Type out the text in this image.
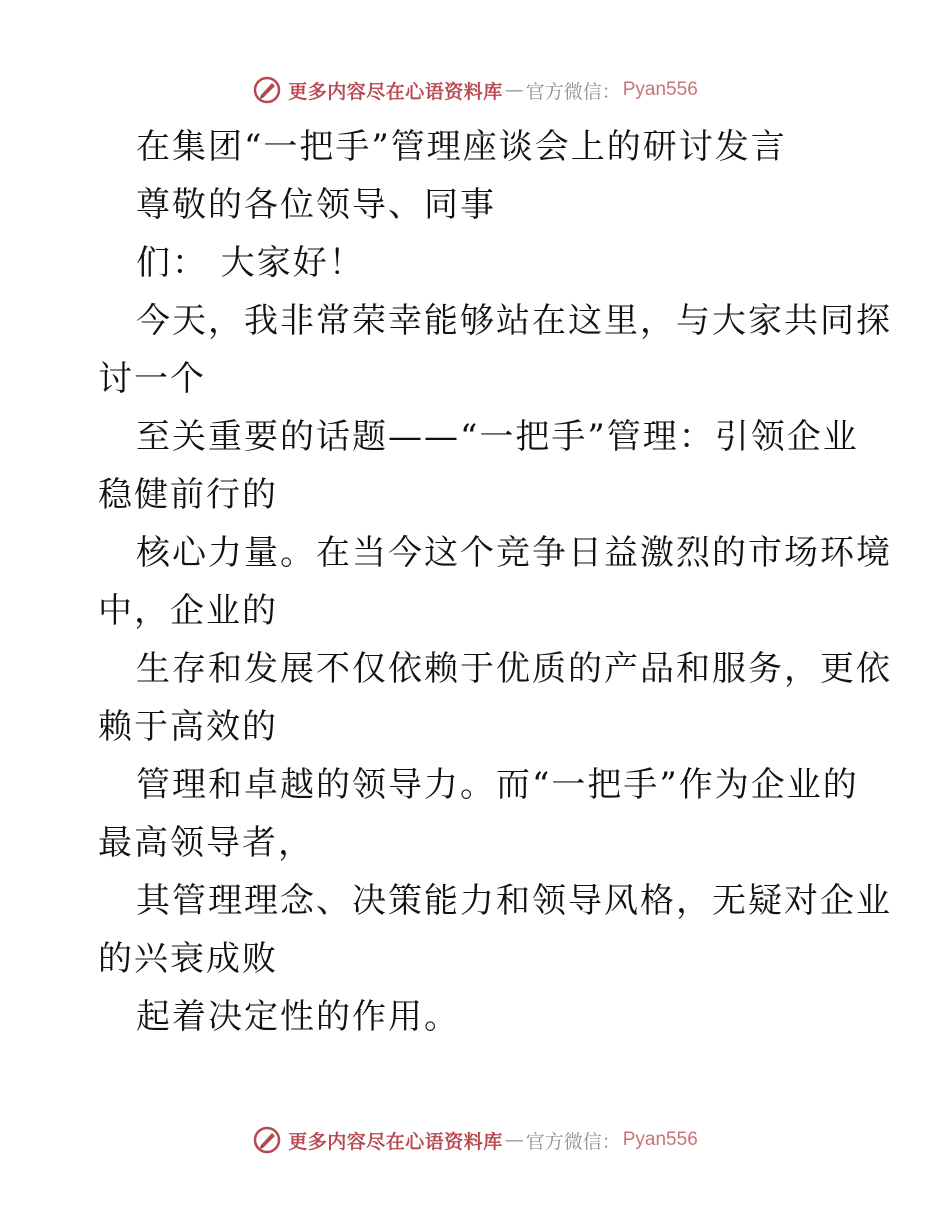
更多内容尽在心语资料库 — 官方微信： Pyan556
在集团“一把手”管理座谈会上的研讨发言
尊敬的各位领导、同事
们： 大家好！
今天，我非常荣幸能够站在这里，与大家共同探
讨一个
至关重要的话题——“一把手”管理：引领企业
稳健前行的
核心力量。在当今这个竞争日益激烈的市场环境
中，企业的
生存和发展不仅依赖于优质的产品和服务，更依
赖于高效的
管理和卓越的领导力。而“一把手”作为企业的
最高领导者，
其管理理念、决策能力和领导风格，无疑对企业
的兴衰成败
起着决定性的作用。
更多内容尽在心语资料库 — 官方微信： Pyan556
